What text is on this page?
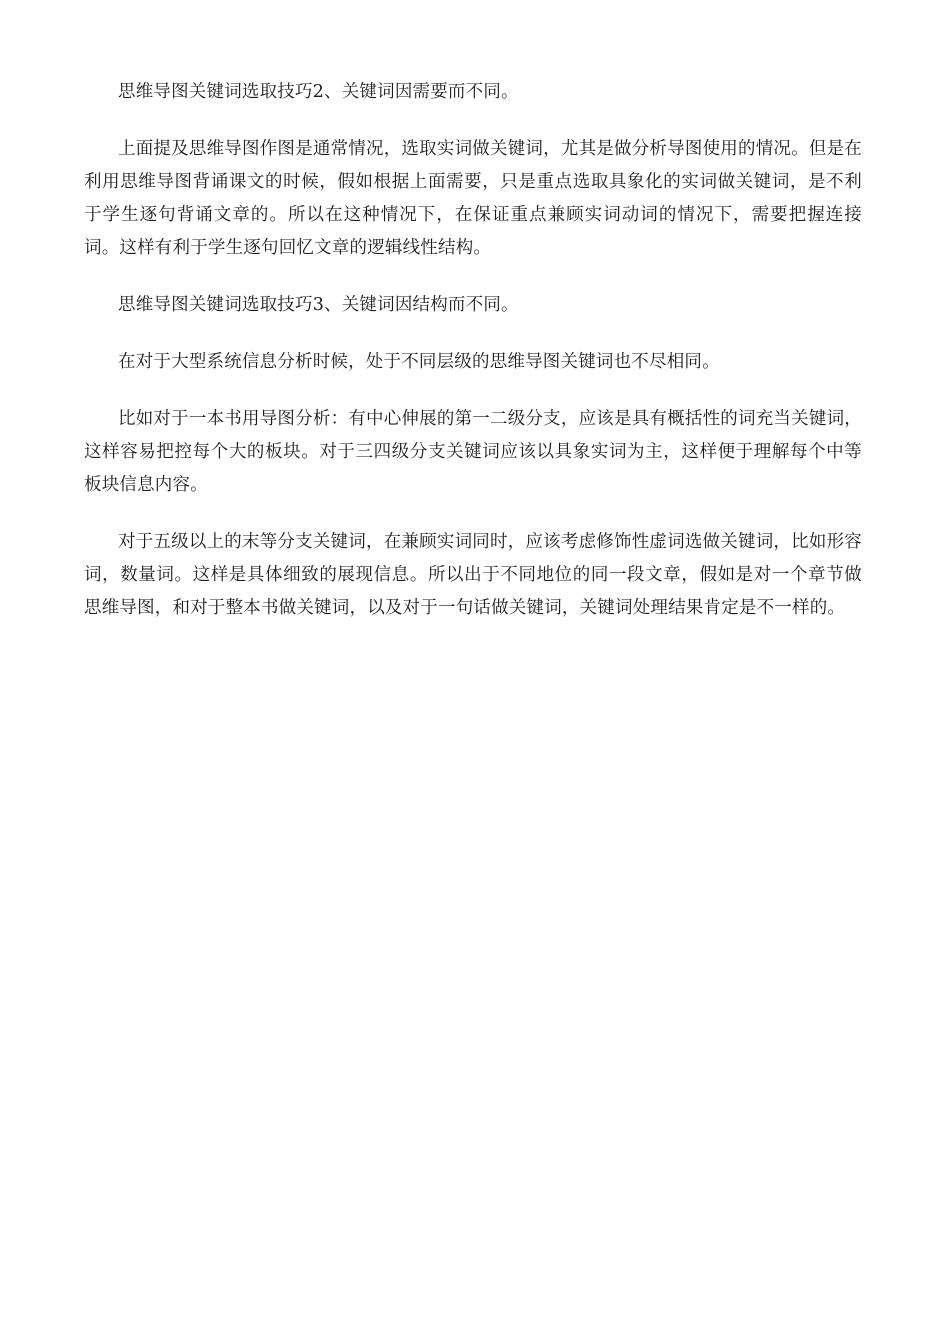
思维导图关键词选取技巧2、关键词因需要而不同。

上面提及思维导图作图是通常情况，选取实词做关键词，尤其是做分析导图使用的情况。但是在利用思维导图背诵课文的时候，假如根据上面需要，只是重点选取具象化的实词做关键词，是不利于学生逐句背诵文章的。所以在这种情况下，在保证重点兼顾实词动词的情况下，需要把握连接词。这样有利于学生逐句回忆文章的逻辑线性结构。

思维导图关键词选取技巧3、关键词因结构而不同。

在对于大型系统信息分析时候，处于不同层级的思维导图关键词也不尽相同。

比如对于一本书用导图分析：有中心伸展的第一二级分支，应该是具有概括性的词充当关键词，这样容易把控每个大的板块。对于三四级分支关键词应该以具象实词为主，这样便于理解每个中等板块信息内容。

对于五级以上的末等分支关键词，在兼顾实词同时，应该考虑修饰性虚词选做关键词，比如形容词，数量词。这样是具体细致的展现信息。所以出于不同地位的同一段文章，假如是对一个章节做思维导图，和对于整本书做关键词，以及对于一句话做关键词，关键词处理结果肯定是不一样的。
